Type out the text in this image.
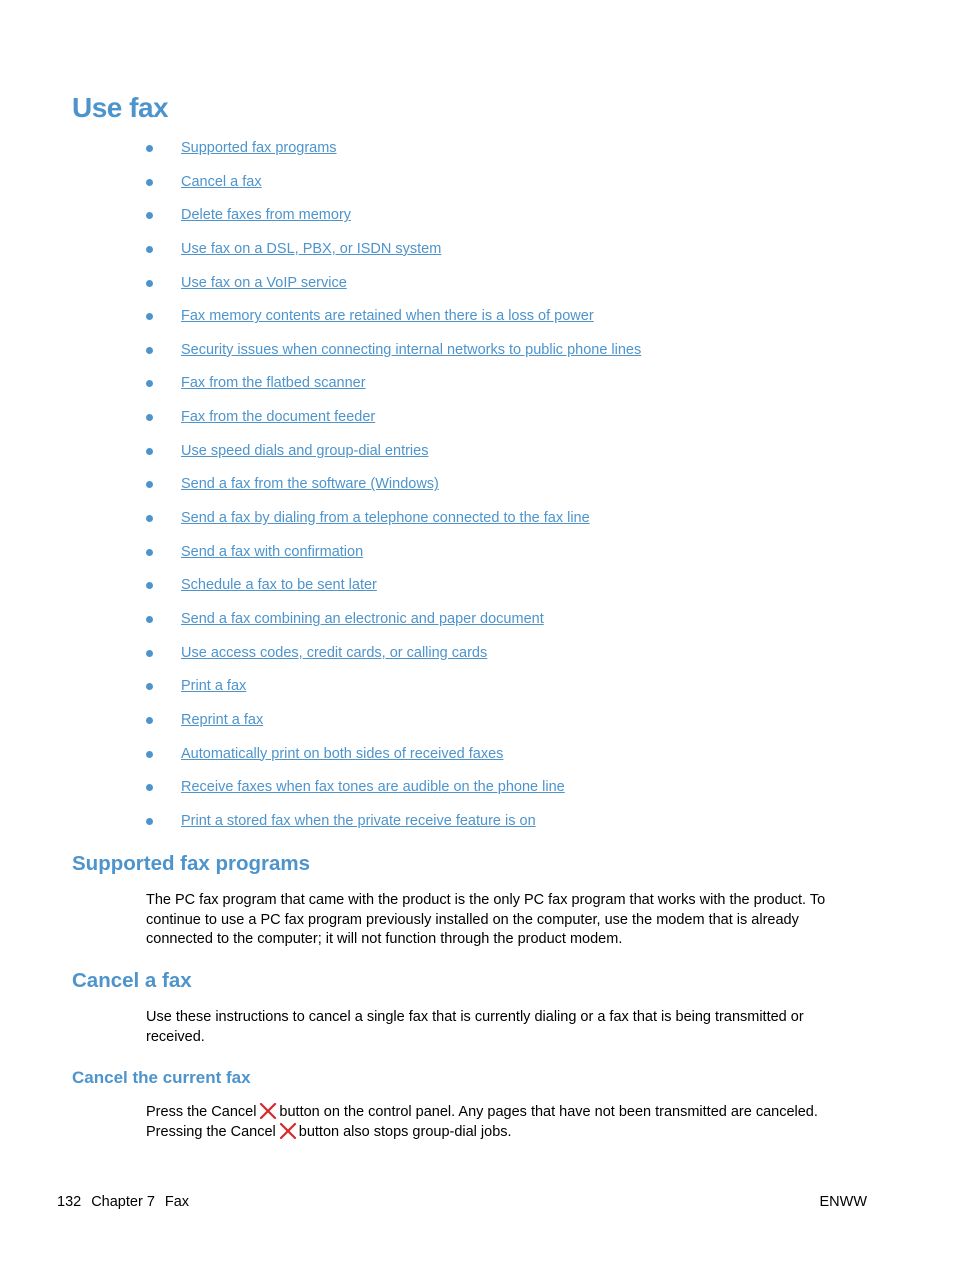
Use fax
Supported fax programs
Cancel a fax
Delete faxes from memory
Use fax on a DSL, PBX, or ISDN system
Use fax on a VoIP service
Fax memory contents are retained when there is a loss of power
Security issues when connecting internal networks to public phone lines
Fax from the flatbed scanner
Fax from the document feeder
Use speed dials and group-dial entries
Send a fax from the software (Windows)
Send a fax by dialing from a telephone connected to the fax line
Send a fax with confirmation
Schedule a fax to be sent later
Send a fax combining an electronic and paper document
Use access codes, credit cards, or calling cards
Print a fax
Reprint a fax
Automatically print on both sides of received faxes
Receive faxes when fax tones are audible on the phone line
Print a stored fax when the private receive feature is on
Supported fax programs

The PC fax program that came with the product is the only PC fax program that works with the product. To
continue to use a PC fax program previously installed on the computer, use the modem that is already
connected to the computer; it will not function through the product modem.

Cancel a fax

Use these instructions to cancel a single fax that is currently dialing or a fax that is being transmitted or
received.

Cancel the current fax

Press the Cancel button on the control panel. Any pages that have not been transmitted are canceled.
Pressing the Cancel button also stops group-dial jobs.

132 Chapter 7 Fax	ENWW
